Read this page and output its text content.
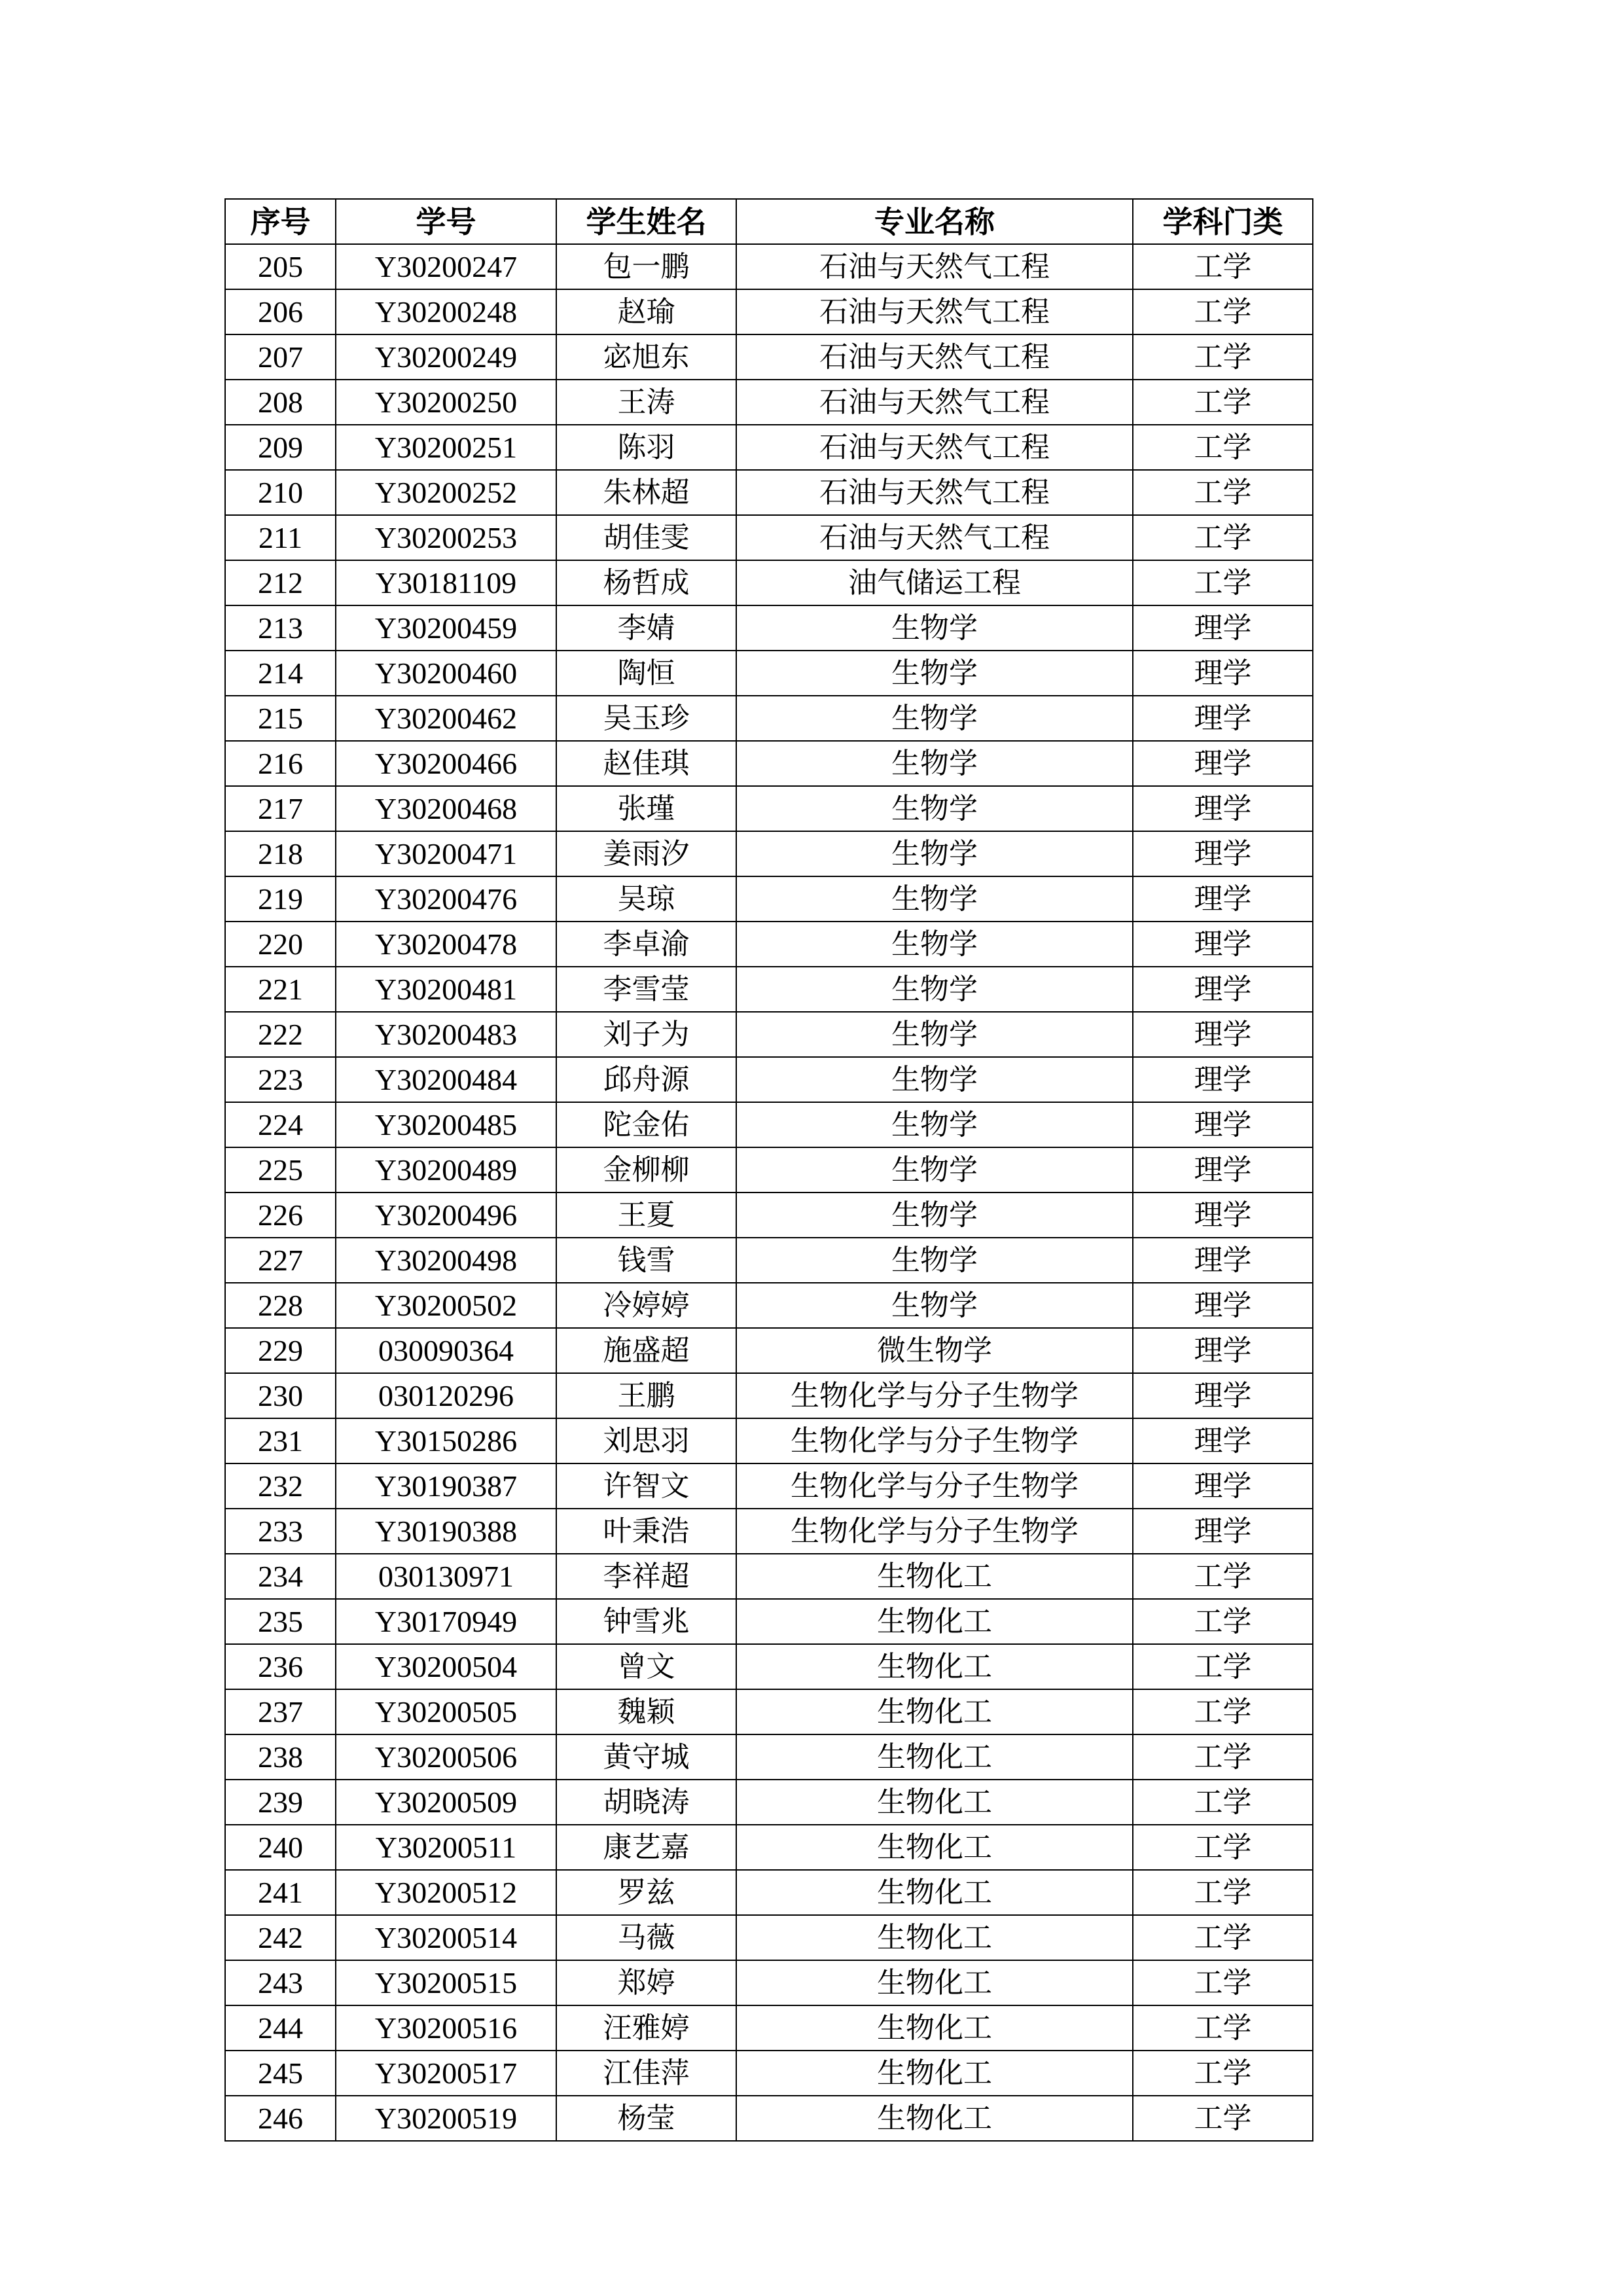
序号	学号	学生姓名	专业名称	学科门类
205	Y30200247	包一鹏	石油与天然气工程	工学
206	Y30200248	赵瑜	石油与天然气工程	工学
207	Y30200249	宓旭东	石油与天然气工程	工学
208	Y30200250	王涛	石油与天然气工程	工学
209	Y30200251	陈羽	石油与天然气工程	工学
210	Y30200252	朱林超	石油与天然气工程	工学
211	Y30200253	胡佳雯	石油与天然气工程	工学
212	Y30181109	杨哲成	油气储运工程	工学
213	Y30200459	李婧	生物学	理学
214	Y30200460	陶恒	生物学	理学
215	Y30200462	吴玉珍	生物学	理学
216	Y30200466	赵佳琪	生物学	理学
217	Y30200468	张瑾	生物学	理学
218	Y30200471	姜雨汐	生物学	理学
219	Y30200476	吴琼	生物学	理学
220	Y30200478	李卓渝	生物学	理学
221	Y30200481	李雪莹	生物学	理学
222	Y30200483	刘子为	生物学	理学
223	Y30200484	邱舟源	生物学	理学
224	Y30200485	陀金佑	生物学	理学
225	Y30200489	金柳柳	生物学	理学
226	Y30200496	王夏	生物学	理学
227	Y30200498	钱雪	生物学	理学
228	Y30200502	冷婷婷	生物学	理学
229	030090364	施盛超	微生物学	理学
230	030120296	王鹏	生物化学与分子生物学	理学
231	Y30150286	刘思羽	生物化学与分子生物学	理学
232	Y30190387	许智文	生物化学与分子生物学	理学
233	Y30190388	叶秉浩	生物化学与分子生物学	理学
234	030130971	李祥超	生物化工	工学
235	Y30170949	钟雪兆	生物化工	工学
236	Y30200504	曾文	生物化工	工学
237	Y30200505	魏颖	生物化工	工学
238	Y30200506	黄守城	生物化工	工学
239	Y30200509	胡晓涛	生物化工	工学
240	Y30200511	康艺嘉	生物化工	工学
241	Y30200512	罗兹	生物化工	工学
242	Y30200514	马薇	生物化工	工学
243	Y30200515	郑婷	生物化工	工学
244	Y30200516	汪雅婷	生物化工	工学
245	Y30200517	江佳萍	生物化工	工学
246	Y30200519	杨莹	生物化工	工学
